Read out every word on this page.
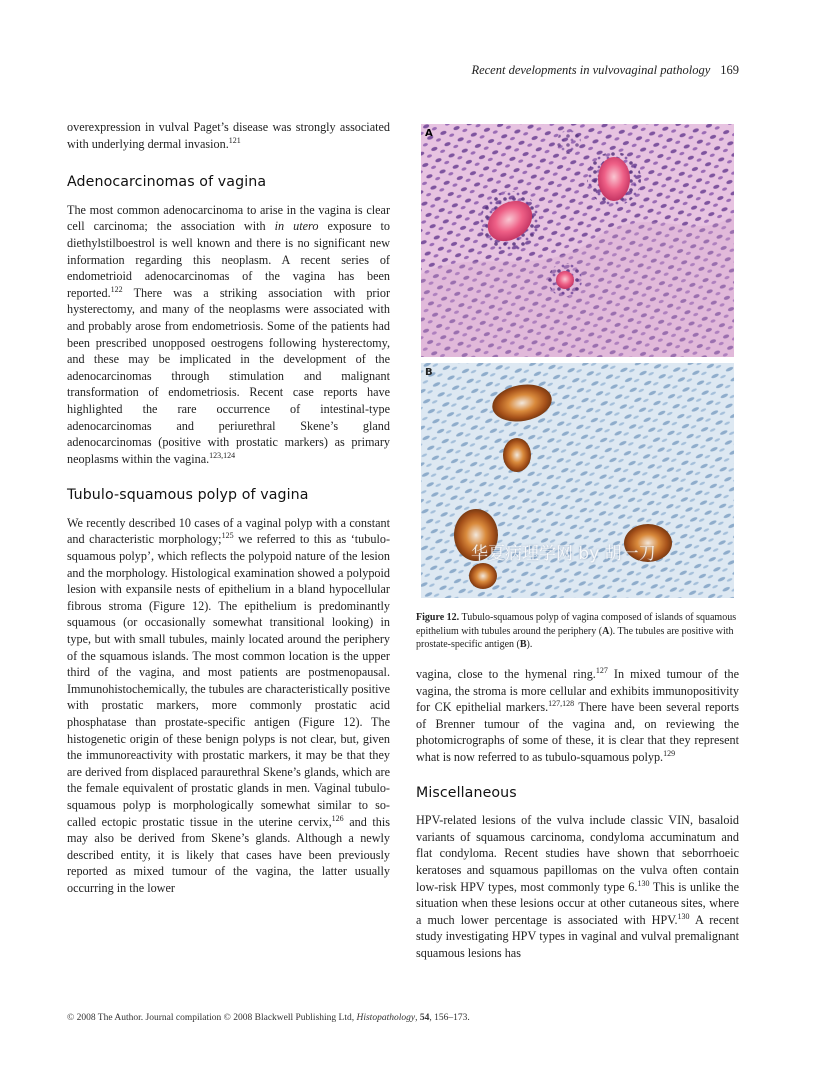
Recent developments in vulvovaginal pathology 169

overexpression in vulval Paget’s disease was strongly associated with underlying dermal invasion.$^{121}$

Adenocarcinomas of vagina

The most common adenocarcinoma to arise in the vagina is clear cell carcinoma; the association with in utero exposure to diethylstilboestrol is well known and there is no significant new information regarding this neoplasm. A recent series of endometrioid adenocarcinomas of the vagina has been reported.$^{122}$ There was a striking association with prior hysterectomy, and many of the neoplasms were associated with and probably arose from endometriosis. Some of the patients had been prescribed unopposed oestrogens following hysterectomy, and these may be implicated in the development of the adenocarcinomas through stimulation and malignant transformation of endometriosis. Recent case reports have highlighted the rare occurrence of intestinal-type adenocarcinomas and periurethral Skene’s gland adenocarcinomas (positive with prostatic markers) as primary neoplasms within the vagina.$^{123,124}$

Tubulo-squamous polyp of vagina

We recently described 10 cases of a vaginal polyp with a constant and characteristic morphology;$^{125}$ we referred to this as ‘tubulo-squamous polyp’, which reflects the polypoid nature of the lesion and the morphology. Histological examination showed a polypoid lesion with expansile nests of epithelium in a bland hypocellular fibrous stroma (Figure 12). The epithelium is predominantly squamous (or occasionally somewhat transitional looking) in type, but with small tubules, mainly located around the periphery of the squamous islands. The most common location is the upper third of the vagina, and most patients are postmenopausal. Immunohistochemically, the tubules are characteristically positive with prostatic markers, more commonly prostatic acid phosphatase than prostate-specific antigen (Figure 12). The histogenetic origin of these benign polyps is not clear, but, given the immunoreactivity with prostatic markers, it may be that they are derived from displaced paraurethral Skene’s glands, which are the female equivalent of prostatic glands in men. Vaginal tubulo-squamous polyp is morphologically somewhat similar to so-called ectopic prostatic tissue in the uterine cervix,$^{126}$ and this may also be derived from Skene’s glands. Although a newly described entity, it is likely that cases have been previously reported as mixed tumour of the vagina, the latter usually occurring in the lower

A
B
华夏病理学网 by 胡一刀
Figure 12. Tubulo-squamous polyp of vagina composed of islands of squamous epithelium with tubules around the periphery (A). The tubules are positive with prostate-specific antigen (B).

vagina, close to the hymenal ring.$^{127}$ In mixed tumour of the vagina, the stroma is more cellular and exhibits immunopositivity for CK epithelial markers.$^{127,128}$ There have been several reports of Brenner tumour of the vagina and, on reviewing the photomicrographs of some of these, it is clear that they represent what is now referred to as tubulo-squamous polyp.$^{129}$

Miscellaneous

HPV-related lesions of the vulva include classic VIN, basaloid variants of squamous carcinoma, condyloma accuminatum and flat condyloma. Recent studies have shown that seborrhoeic keratoses and squamous papillomas on the vulva often contain low-risk HPV types, most commonly type 6.$^{130}$ This is unlike the situation when these lesions occur at other cutaneous sites, where a much lower percentage is associated with HPV.$^{130}$ A recent study investigating HPV types in vaginal and vulval premalignant squamous lesions has

© 2008 The Author. Journal compilation © 2008 Blackwell Publishing Ltd, Histopathology, 54, 156–173.
